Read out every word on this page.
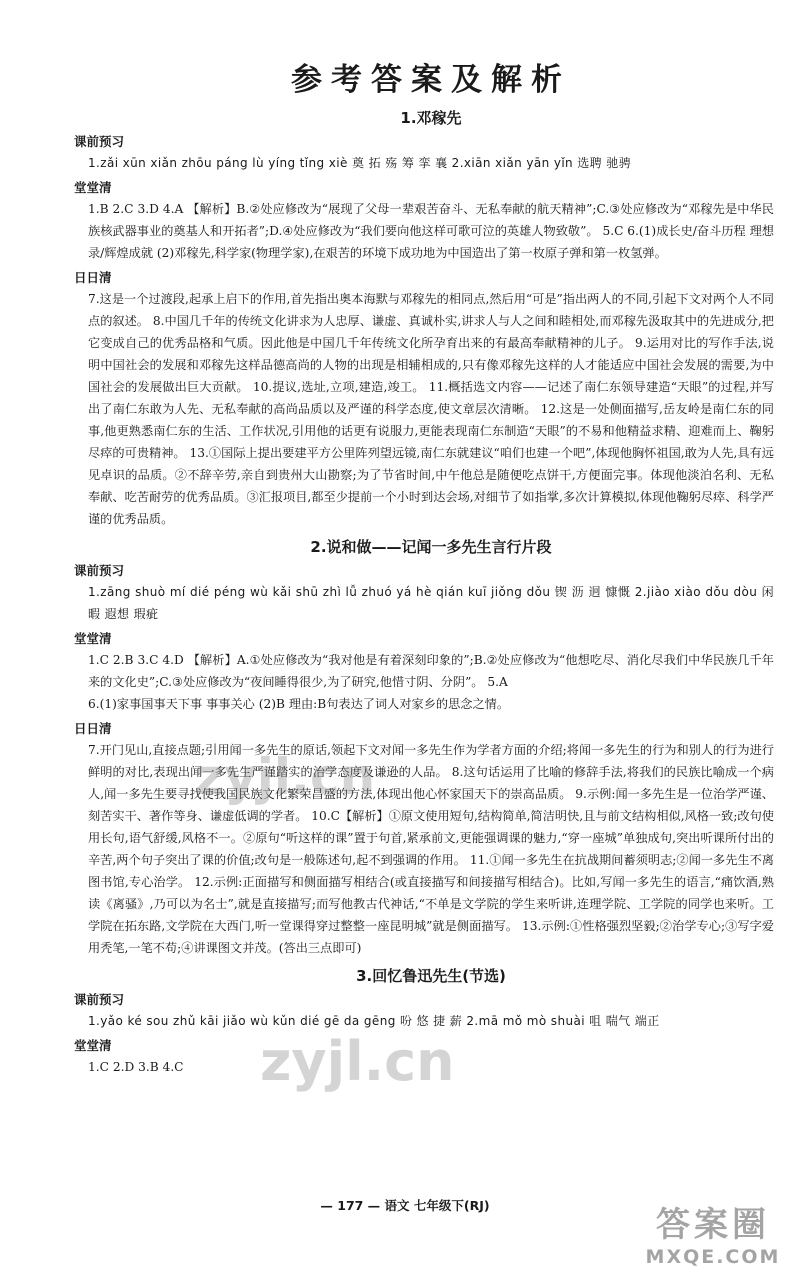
参考答案及解析
1.邓稼先
课前预习

1.zǎi xūn xiǎn zhōu páng lù yíng tǐng xiè 奠 拓 殇 筹 挛 襄 2.xiān xiǎn yān yǐn 选聘 驰骋

堂堂清

1.B 2.C 3.D 4.A 【解析】B.②处应修改为“展现了父母一辈艰苦奋斗、无私奉献的航天精神”;C.③处应修改为“邓稼先是中华民族核武器事业的奠基人和开拓者”;D.④处应修改为“我们要向他这样可歌可泣的英雄人物致敬”。 5.C 6.(1)成长史/奋斗历程 理想录/辉煌成就 (2)邓稼先,科学家(物理学家),在艰苦的环境下成功地为中国造出了第一枚原子弹和第一枚氢弹。

日日清

7.这是一个过渡段,起承上启下的作用,首先指出奥本海默与邓稼先的相同点,然后用“可是”指出两人的不同,引起下文对两个人不同点的叙述。 8.中国几千年的传统文化讲求为人忠厚、谦虚、真诚朴实,讲求人与人之间和睦相处,而邓稼先汲取其中的先进成分,把它变成自己的优秀品格和气质。因此他是中国几千年传统文化所孕育出来的有最高奉献精神的儿子。 9.运用对比的写作手法,说明中国社会的发展和邓稼先这样品德高尚的人物的出现是相辅相成的,只有像邓稼先这样的人才能适应中国社会发展的需要,为中国社会的发展做出巨大贡献。 10.提议,选址,立项,建造,竣工。 11.概括选文内容——记述了南仁东领导建造“天眼”的过程,并写出了南仁东敢为人先、无私奉献的高尚品质以及严谨的科学态度,使文章层次清晰。 12.这是一处侧面描写,岳友岭是南仁东的同事,他更熟悉南仁东的生活、工作状况,引用他的话更有说服力,更能表现南仁东制造“天眼”的不易和他精益求精、迎难而上、鞠躬尽瘁的可贵精神。 13.①国际上提出要建平方公里阵列望远镜,南仁东就建议“咱们也建一个吧”,体现他胸怀祖国,敢为人先,具有远见卓识的品质。②不辞辛劳,亲自到贵州大山勘察;为了节省时间,中午他总是随便吃点饼干,方便面完事。体现他淡泊名利、无私奉献、吃苦耐劳的优秀品质。③汇报项目,都至少提前一个小时到达会场,对细节了如指掌,多次计算模拟,体现他鞠躬尽瘁、科学严谨的优秀品质。

2.说和做——记闻一多先生言行片段
课前预习

1.zāng shuò mí dié péng wù kǎi shū zhì lǚ zhuó yá hè qián kuī jiǒng dǒu 锲 沥 迥 慷慨 2.jiào xiào dǒu dòu 闲暇 遐想 瑕疵

堂堂清

1.C 2.B 3.C 4.D 【解析】A.①处应修改为“我对他是有着深刻印象的”;B.②处应修改为“他想吃尽、消化尽我们中华民族几千年来的文化史”;C.③处应修改为“夜间睡得很少,为了研究,他惜寸阴、分阴”。 5.A

6.(1)家事国事天下事 事事关心 (2)B 理由:B句表达了词人对家乡的思念之情。

日日清

7.开门见山,直接点题;引用闻一多先生的原话,领起下文对闻一多先生作为学者方面的介绍;将闻一多先生的行为和别人的行为进行鲜明的对比,表现出闻一多先生严谨踏实的治学态度及谦逊的人品。 8.这句话运用了比喻的修辞手法,将我们的民族比喻成一个病人,闻一多先生要寻找使我国民族文化繁荣昌盛的方法,体现出他心怀家国天下的崇高品质。 9.示例:闻一多先生是一位治学严谨、刻苦实干、著作等身、谦虚低调的学者。 10.C【解析】①原文使用短句,结构简单,简洁明快,且与前文结构相似,风格一致;改句使用长句,语气舒缓,风格不一。②原句“听这样的课”置于句首,紧承前文,更能强调课的魅力,“穿一座城”单独成句,突出听课所付出的辛苦,两个句子突出了课的价值;改句是一般陈述句,起不到强调的作用。 11.①闻一多先生在抗战期间蓄须明志;②闻一多先生不离图书馆,专心治学。 12.示例:正面描写和侧面描写相结合(或直接描写和间接描写相结合)。比如,写闻一多先生的语言,“痛饮酒,熟读《离骚》,乃可以为名士”,就是直接描写;而写他教古代神话,“不单是文学院的学生来听讲,连理学院、工学院的同学也来听。工学院在拓东路,文学院在大西门,听一堂课得穿过整整一座昆明城”就是侧面描写。 13.示例:①性格强烈坚毅;②治学专心;③写字爱用秃笔,一笔不苟;④讲课图文并茂。(答出三点即可)

3.回忆鲁迅先生(节选)
课前预习

1.yǎo ké sou zhǔ kāi jiǎo wù kǔn dié gē da gēng 吩 悠 捷 薪 2.mā mǒ mò shuài 咀 喘气 端正

堂堂清

1.C 2.D 3.B 4.C

zyjl.cn
zyjl.cn
— 177 — 语文 七年级下(RJ)	答案圈
MXQE.COM
